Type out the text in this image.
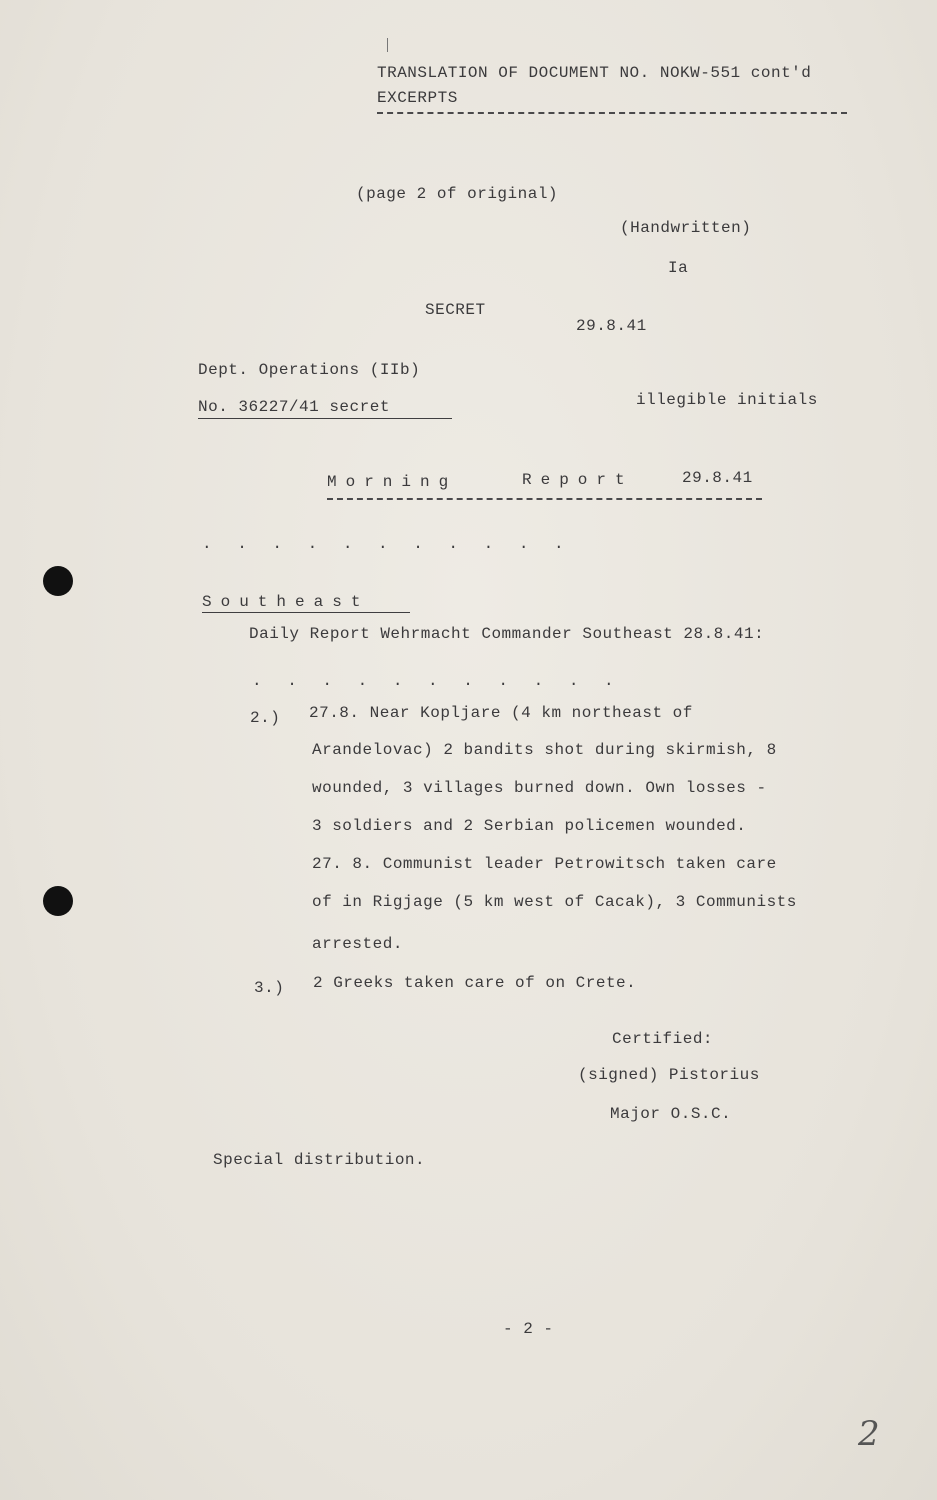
TRANSLATION OF DOCUMENT NO. NOKW-551 cont'd
EXCERPTS
(page 2 of original)
(Handwritten)
Ia
SECRET
29.8.41
Dept. Operations (IIb)
No. 36227/41 secret	illegible initials
Morning	Report	29.8.41
. . . . . . . . . . .
Southeast
Daily Report Wehrmacht Commander Southeast 28.8.41:
. . . . . . . . . . .
2.) 27.8. Near Kopljare (4 km northeast of
Arandelovac) 2 bandits shot during skirmish, 8
wounded, 3 villages burned down. Own losses -
3 soldiers and 2 Serbian policemen wounded.
27. 8. Communist leader Petrowitsch taken care
of in Rigjage (5 km west of Cacak), 3 Communists
arrested.
3.) 2 Greeks taken care of on Crete.
Certified:
(signed) Pistorius
Major O.S.C.
Special distribution.
- 2 -
2
